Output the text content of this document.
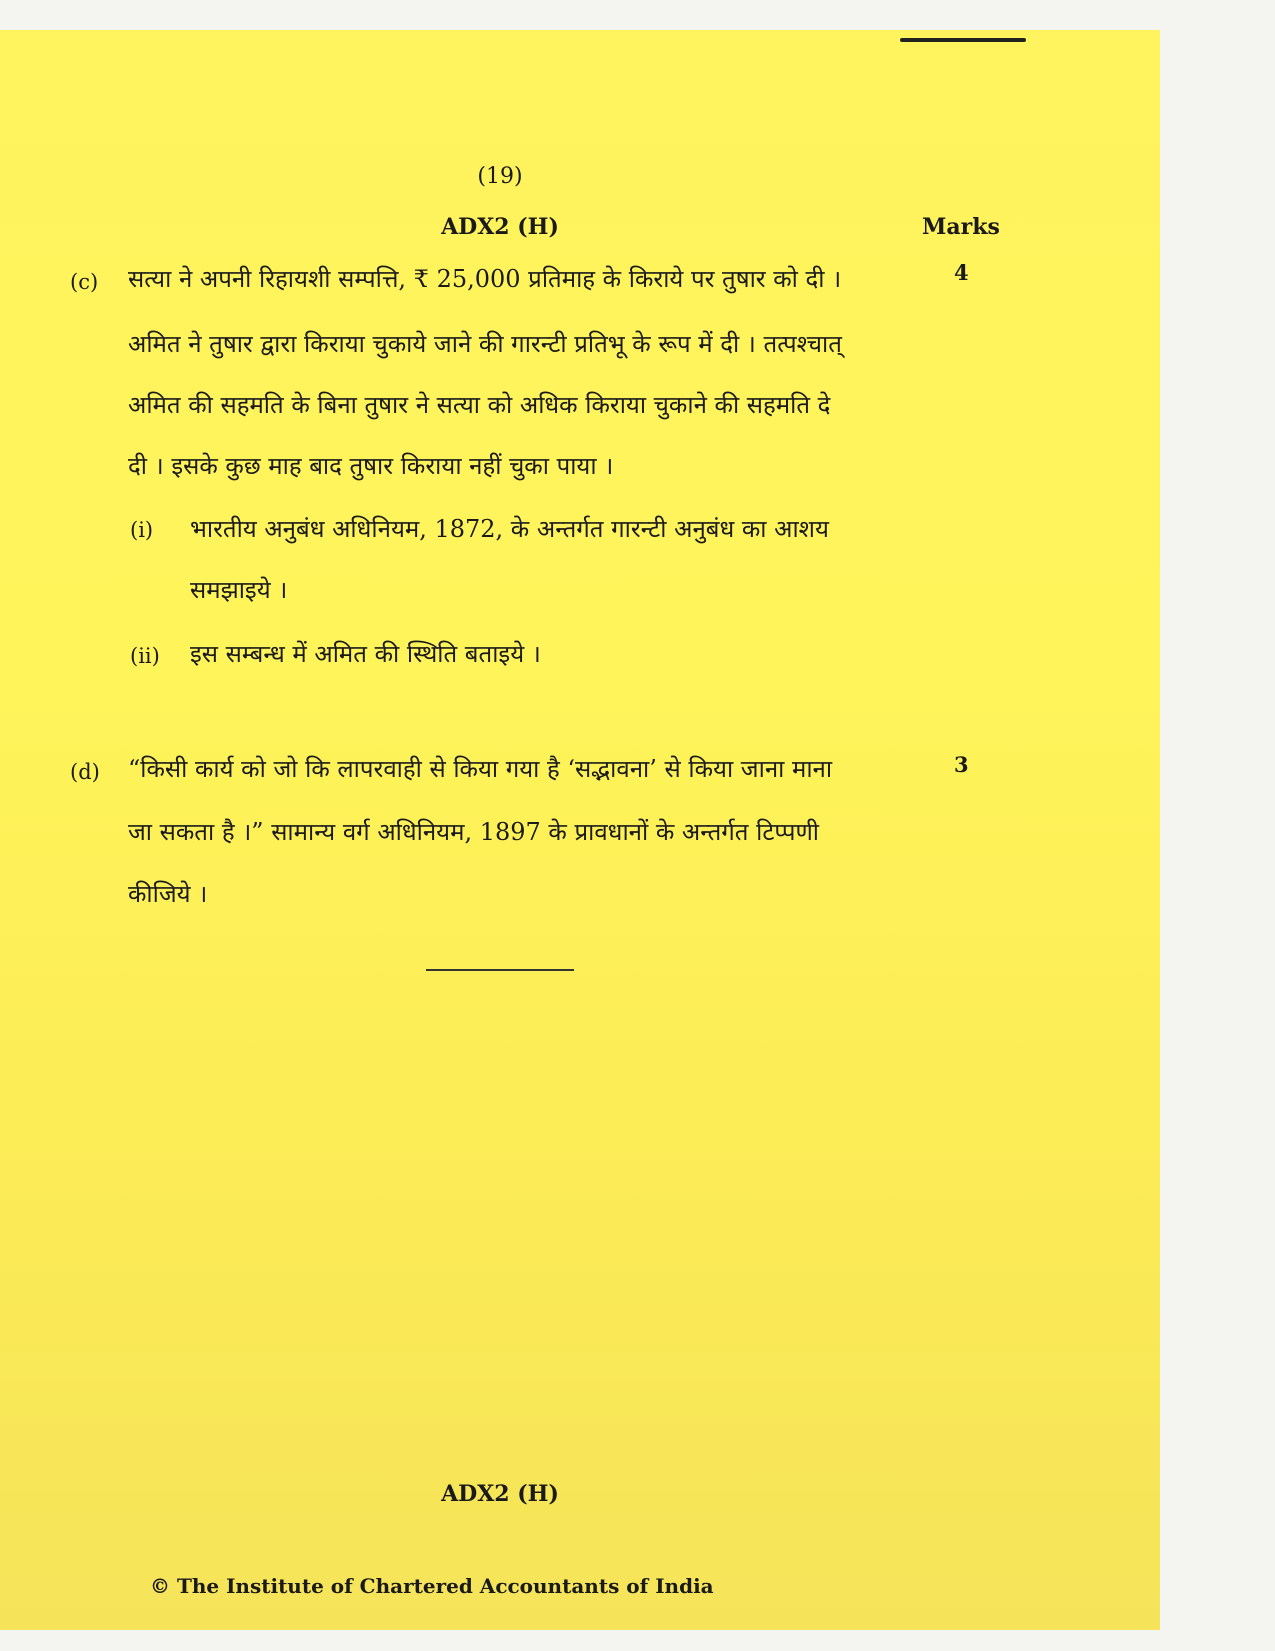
(19)
ADX2 (H)	Marks
(c)	4
सत्या ने अपनी रिहायशी सम्पत्ति, ₹ 25,000 प्रतिमाह के किराये पर तुषार को दी ।
अमित ने तुषार द्वारा किराया चुकाये जाने की गारन्टी प्रतिभू के रूप में दी । तत्पश्चात्
अमित की सहमति के बिना तुषार ने सत्या को अधिक किराया चुकाने की सहमति दे
दी । इसके कुछ माह बाद तुषार किराया नहीं चुका पाया ।
(i) भारतीय अनुबंध अधिनियम, 1872, के अन्तर्गत गारन्टी अनुबंध का आशय
समझाइये ।
(ii) इस सम्बन्ध में अमित की स्थिति बताइये ।
(d)	3
“किसी कार्य को जो कि लापरवाही से किया गया है ‘सद्भावना’ से किया जाना माना
जा सकता है ।” सामान्य वर्ग अधिनियम, 1897 के प्रावधानों के अन्तर्गत टिप्पणी
कीजिये ।
ADX2 (H)
© The Institute of Chartered Accountants of India
